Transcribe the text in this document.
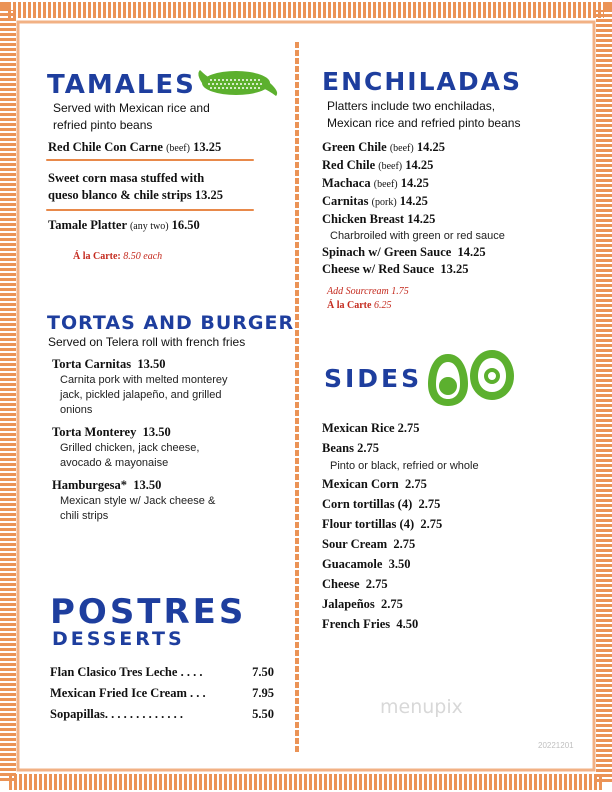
TAMALES
Served with Mexican rice and
refried pinto beans
Red Chile Con Carne (beef) 13.25
Sweet corn masa stuffed with
queso blanco & chile strips 13.25
Tamale Platter (any two) 16.50
Á la Carte: 8.50 each
TORTAS AND BURGER
Served on Telera roll with french fries
Torta Carnitas 13.50
Carnita pork with melted monterey
jack, pickled jalapeño, and grilled
onions
Torta Monterey 13.50
Grilled chicken, jack cheese,
avocado & mayonaise
Hamburgesa* 13.50
Mexican style w/ Jack cheese &
chili strips
POSTRES
DESSERTS
Flan Clasico Tres Leche . . . .	7.50
Mexican Fried Ice Cream . . .	7.95
Sopapillas. . . . . . . . . . . . .	5.50
ENCHILADAS
Platters include two enchiladas,
Mexican rice and refried pinto beans
Green Chile (beef) 14.25
Red Chile (beef) 14.25
Machaca (beef) 14.25
Carnitas (pork) 14.25
Chicken Breast 14.25
Charbroiled with green or red sauce
Spinach w/ Green Sauce 14.25
Cheese w/ Red Sauce 13.25
Add Sourcream 1.75
Á la Carte 6.25
SIDES
Mexican Rice 2.75
Beans 2.75
Pinto or black, refried or whole
Mexican Corn 2.75
Corn tortillas (4) 2.75
Flour tortillas (4) 2.75
Sour Cream 2.75
Guacamole 3.50
Cheese 2.75
Jalapeños 2.75
French Fries 4.50
menupix
20221201
